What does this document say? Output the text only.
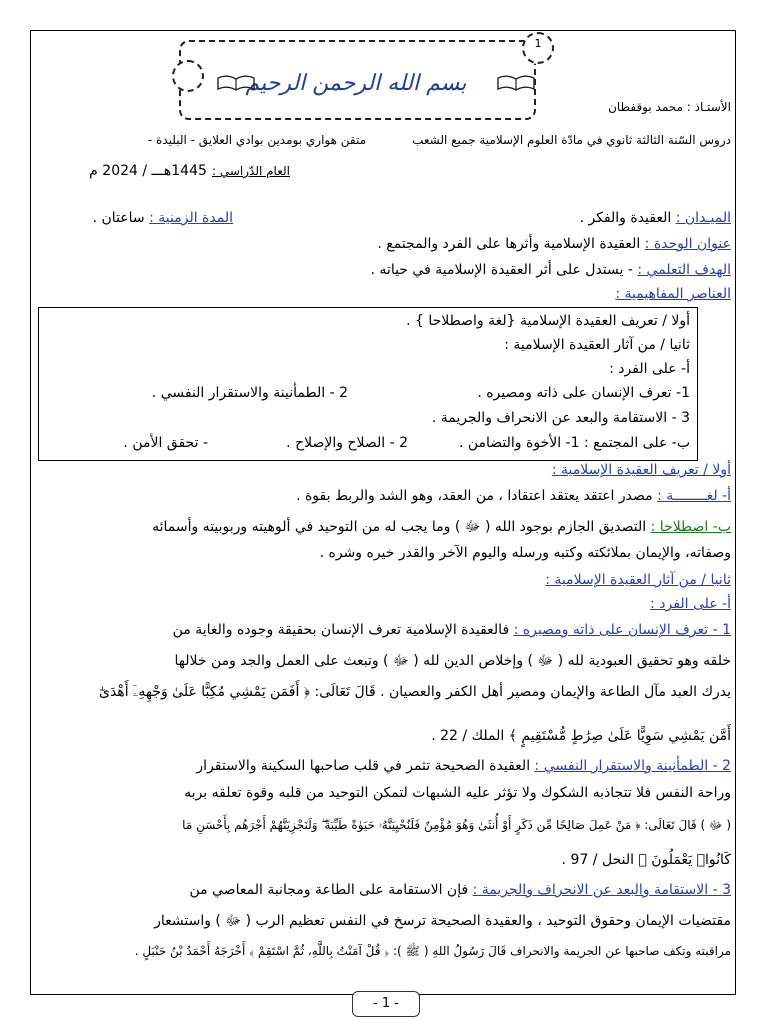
1
بسم الله الرحمن الرحيم
الأستـاذ : محمد بوقفطان
دروس السّنة الثالثة ثانوي في مادّة العلوم الإسلامية جميع الشعب
متقن هواري بومدين بوادي العلايق - البليدة -
العام الدّراسي : 1445هـــ / 2024 م
الميـدان : العقيدة والفكر .
المدة الزمنية : ساعتان .
عنوان الوحدة : العقيدة الإسلامية وأثرها على الفرد والمجتمع .
الهدف التعلمي : - يستدل على أثر العقيدة الإسلامية في حياته .
العناصر المفاهيمية :
أولا / تعريف العقيدة الإسلامية {لغة واصطلاحا } .
ثانيا / من آثار العقيدة الإسلامية :
أ- على الفرد :
1- تعرف الإنسان على ذاته ومصيره .
2 - الطمأنينة والاستقرار النفسي .
3 - الاستقامة والبعد عن الانحراف والجريمة .
ب- على المجتمع : 1- الأخوة والتضامن .
2 - الصلاح والإصلاح .
- تحقق الأمن .
أولا / تعريف العقيدة الإسلامية :
أ- لغــــــــة : مصدر اعتقد يعتقد اعتقادا ، من العقد، وهو الشد والربط بقوة .
ب- اصطلاحا : التصديق الجازم بوجود الله ( ﷻ ) وما يجب له من التوحيد في ألوهيته وربوبيته وأسمائه
وصفاته، والإيمان بملائكته وكتبه ورسله واليوم الآخر والقدر خيره وشره .
ثانيا / من آثار العقيدة الإسلامية :
أ- على الفرد :
1 - تعرف الإنسان على ذاته ومصيره : فالعقيدة الإسلامية تعرف الإنسان بحقيقة وجوده والغاية من
خلقه وهو تحقيق العبودية لله ( ﷻ ) وإخلاص الدين لله ( ﷻ ) وتبعث على العمل والجد ومن خلالها
يدرك العبد مآل الطاعة والإيمان ومصير أهل الكفر والعصيان . قَالَ تَعَالَى: ﴿ أَفَمَن يَمْشِي مُكِبًّا عَلَىٰ وَجْهِهِۦٓ أَهْدَىٰٓ
أَمَّن يَمْشِي سَوِيًّا عَلَىٰ صِرَٰطٍ مُّسْتَقِيمٍ ﴾ الملك / 22 .
2 - الطمأنينة والاستقرار النفسي : العقيدة الصحيحة تثمر في قلب صاحبها السكينة والاستقرار
وراحة النفس فلا تتجاذبه الشكوك ولا تؤثر عليه الشبهات لتمكن التوحيد من قلبه وقوة تعلقه بربه
( ﷻ ) قَالَ تَعَالَى: ﴿ مَنْ عَمِلَ صَالِحًا مِّن ذَكَرٍ أَوْ أُنثَىٰ وَهُوَ مُؤْمِنٌ فَلَنُحْيِيَنَّهُۥ حَيَوٰةً طَيِّبَةً ۖ وَلَنَجْزِيَنَّهُمْ أَجْرَهُم بِأَحْسَنِ مَا
كَانُوا۟ يَعْمَلُونَ ﴾ النحل / 97 .
3 - الاستقامة والبعد عن الانحراف والجريمة : فإن الاستقامة على الطاعة ومجانبة المعاصي من
مقتضيات الإيمان وحقوق التوحيد ، والعقيدة الصحيحة ترسخ في النفس تعظيم الرب ( ﷻ ) واستشعار
مراقبته وتكف صاحبها عن الجريمة والانحراف قَالَ رَسُولُ اللهِ ( ﷺ ): ﴿ قُلْ آمَنْتُ بِاللَّهِ، ثُمَّ اسْتَقِمْ ﴾ أَخْرَجَهُ أَحْمَدُ بْنُ حَنْبَلٍ .
- 1 -
